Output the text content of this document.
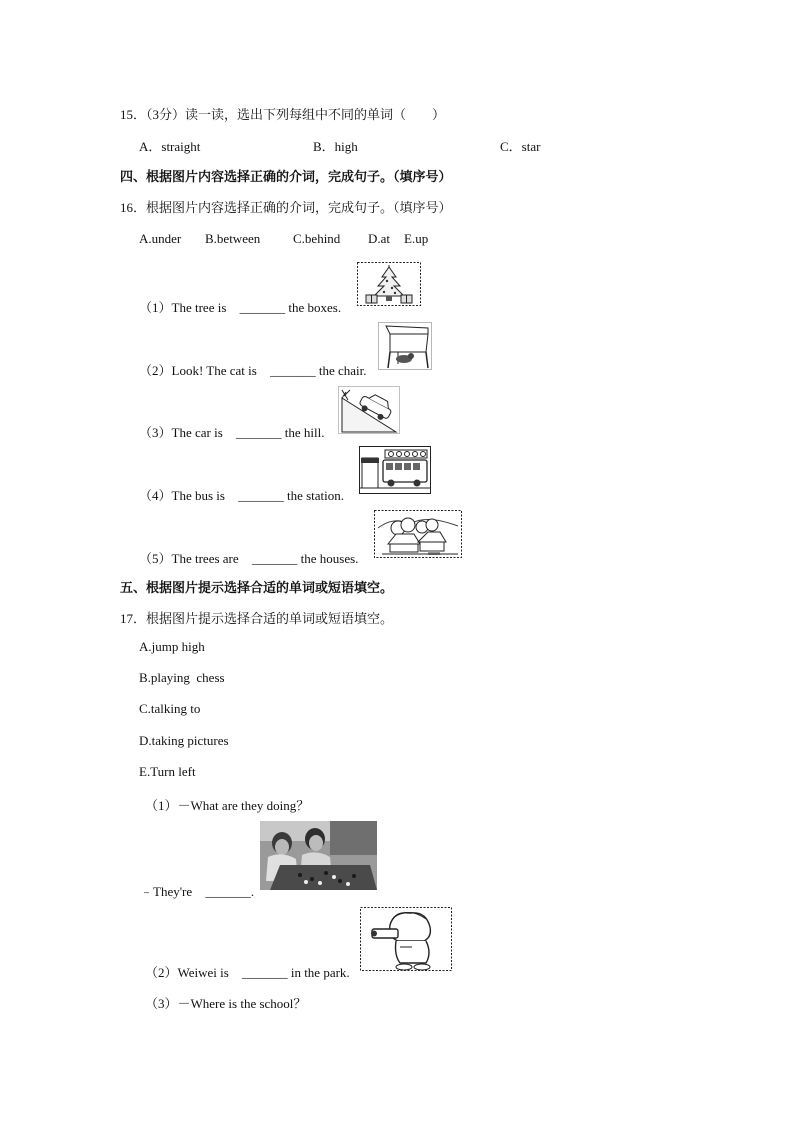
15．（3分）读一读，选出下列每组中不同的单词（　　）
A．straight	B．high	C．star
四、根据图片内容选择正确的介词，完成句子。（填序号）
16．根据图片内容选择正确的介词，完成句子。（填序号）
A.under B.between	C.behind D.at E.up
（1）The tree is _______ the boxes.
（2）Look! The cat is _______ the chair.
（3）The car is _______ the hill.
（4）The bus is _______ the station.
（5）The trees are _______ the houses.
五、根据图片提示选择合适的单词或短语填空。
17．根据图片提示选择合适的单词或短语填空。
A.jump high
B.playing  chess
C.talking to
D.taking pictures
E.Turn left
（1）－What are they doing？
﹣They're _______.
（2）Weiwei is _______ in the park.
（3）－Where is the school？
